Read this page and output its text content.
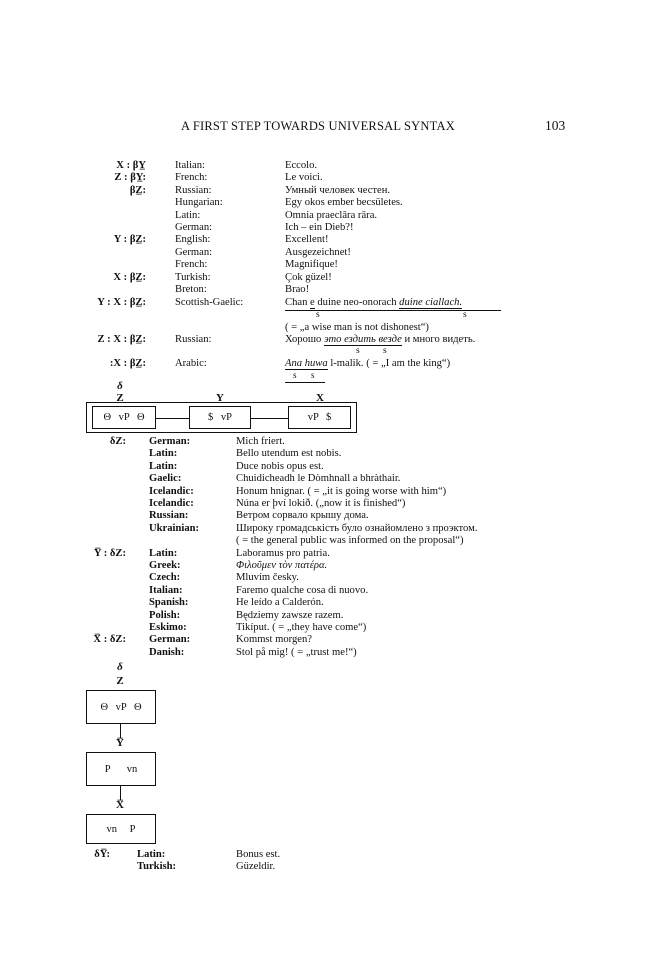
A FIRST STEP TOWARDS UNIVERSAL SYNTAX	103
X : βY̲	Italian:	Eccolo.
Z : βY̲:	French:	Le voici.
βZ̲:	Russian:	Умный человек честен.
Hungarian:	Egy okos ember becsületes.
Latin:	Omnia praeclāra rāra.
German:	Ich – ein Dieb?!
Y : βZ̲:	English:	Excellent!
German:	Ausgezeichnet!
French:	Magnifique!
X : βZ̲:	Turkish:	Çok güzel!
Breton:	Brao!
Y : X : βZ̲:	Scottish-Gaelic:	Chan e duine neo-onorach duine ciallach.
s	s
( = „a wise man is not dishonest“)
Z : X : βZ̲:	Russian:	Хорошо это ездить везде и много видеть.
s s
:X : βZ̲:	Arabic:	Ana huwa l-malik. ( = „I am the king“)
s s
δ
Z	Y	X
Θ vP Θ	$ vP	vP $
δZ: German:	Mich friert.
Latin:	Bello utendum est nobis.
Latin:	Duce nobis opus est.
Gaelic:	Chuidicheadh le Dòmhnall a bhràthair.
Icelandic:	Honum hnignar. ( = „it is going worse with him“)
Icelandic:	Núna er því lokið. („now it is finished“)
Russian:	Ветром сорвало крышу дома.
Ukrainian:	Широку громадськість було ознайомлено з проэктом.
( = the general public was informed on the proposal“)
Y̅ : δZ: Latin:	Laboramus pro patria.
Greek:	Φιλοῦμεν τὸν πατέρα.
Czech:	Mluvím česky.
Italian:	Faremo qualche cosa di nuovo.
Spanish:	He leído a Calderón.
Polish:	Będziemy zawsze razem.
Eskimo:	Tikíput. ( = „they have come“)
X̅ : δZ: German:	Kommst morgen?
Danish:	Stol på mig! ( = „trust me!“)
δ
Z
Θ vP Θ
Y̅
P vn
X̅
vn P
δY̅:	Latin:	Bonus est.
Turkish:	Güzeldir.
